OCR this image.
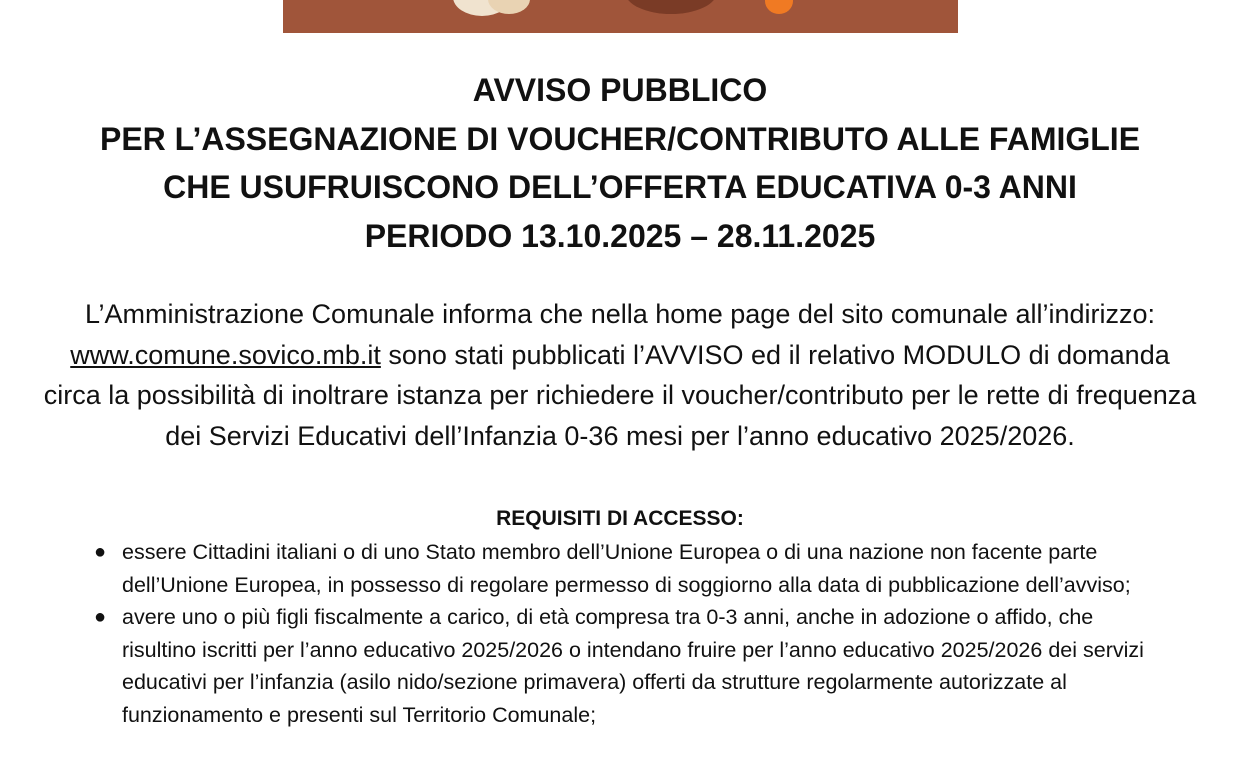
AVVISO PUBBLICO
PER L’ASSEGNAZIONE DI VOUCHER/CONTRIBUTO ALLE FAMIGLIE
CHE USUFRUISCONO DELL’OFFERTA EDUCATIVA 0-3 ANNI
PERIODO 13.10.2025 – 28.11.2025

L’Amministrazione Comunale informa che nella home page del sito comunale all’indirizzo: www.comune.sovico.mb.it sono stati pubblicati l’AVVISO ed il relativo MODULO di domanda circa la possibilità di inoltrare istanza per richiedere il voucher/contributo per le rette di frequenza dei Servizi Educativi dell’Infanzia 0-36 mesi per l’anno educativo 2025/2026.

REQUISITI DI ACCESSO:

● essere Cittadini italiani o di uno Stato membro dell’Unione Europea o di una nazione non facente parte dell’Unione Europea, in possesso di regolare permesso di soggiorno alla data di pubblicazione dell’avviso;
● avere uno o più figli fiscalmente a carico, di età compresa tra 0-3 anni, anche in adozione o affido, che risultino iscritti per l’anno educativo 2025/2026 o intendano fruire per l’anno educativo 2025/2026 dei servizi educativi per l’infanzia (asilo nido/sezione primavera) offerti da strutture regolarmente autorizzate al funzionamento e presenti sul Territorio Comunale;
